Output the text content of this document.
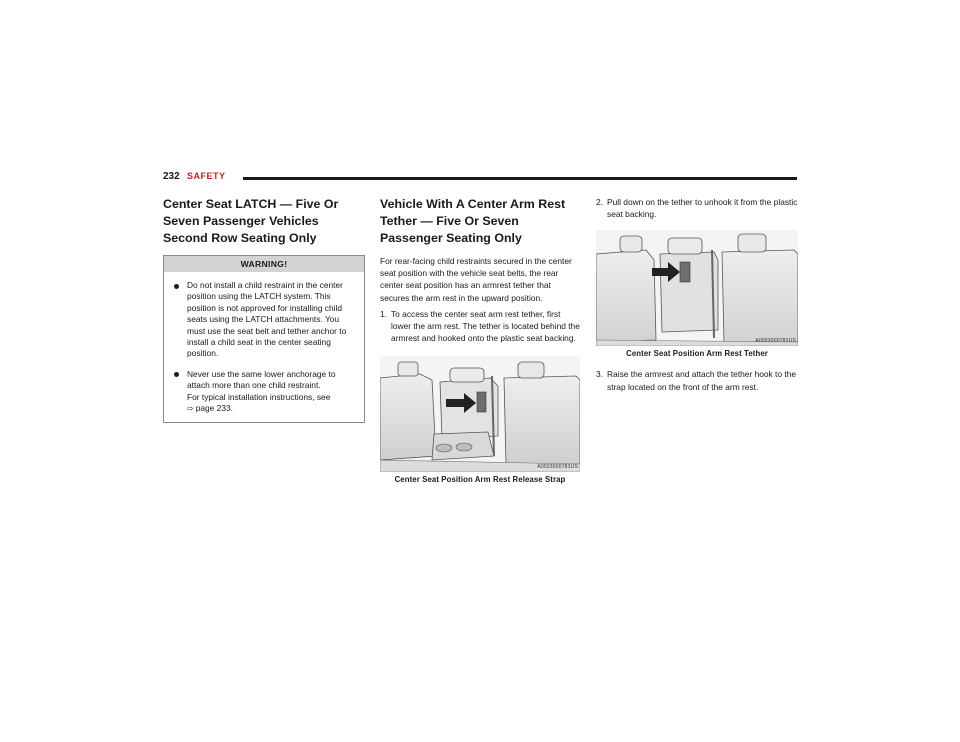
232 SAFETY
Center Seat LATCH — Five Or Seven Passenger Vehicles Second Row Seating Only
WARNING!
Do not install a child restraint in the center position using the LATCH system. This position is not approved for installing child seats using the LATCH attachments. You must use the seat belt and tether anchor to install a child seat in the center seating position.
Never use the same lower anchorage to attach more than one child restraint.
For typical installation instructions, see
⇨ page 233.
Vehicle With A Center Arm Rest Tether — Five Or Seven Passenger Seating Only

For rear-facing child restraints secured in the center seat position with the vehicle seat belts, the rear center seat position has an armrest tether that secures the arm rest in the upward position.

1. To access the center seat arm rest tether, first lower the arm rest. The tether is located behind the armrest and hooked onto the plastic seat backing.
A0503000783US
Center Seat Position Arm Rest Release Strap
2. Pull down on the tether to unhook it from the plastic seat backing.
A0503000782US
Center Seat Position Arm Rest Tether
3. Raise the armrest and attach the tether hook to the strap located on the front of the arm rest.
